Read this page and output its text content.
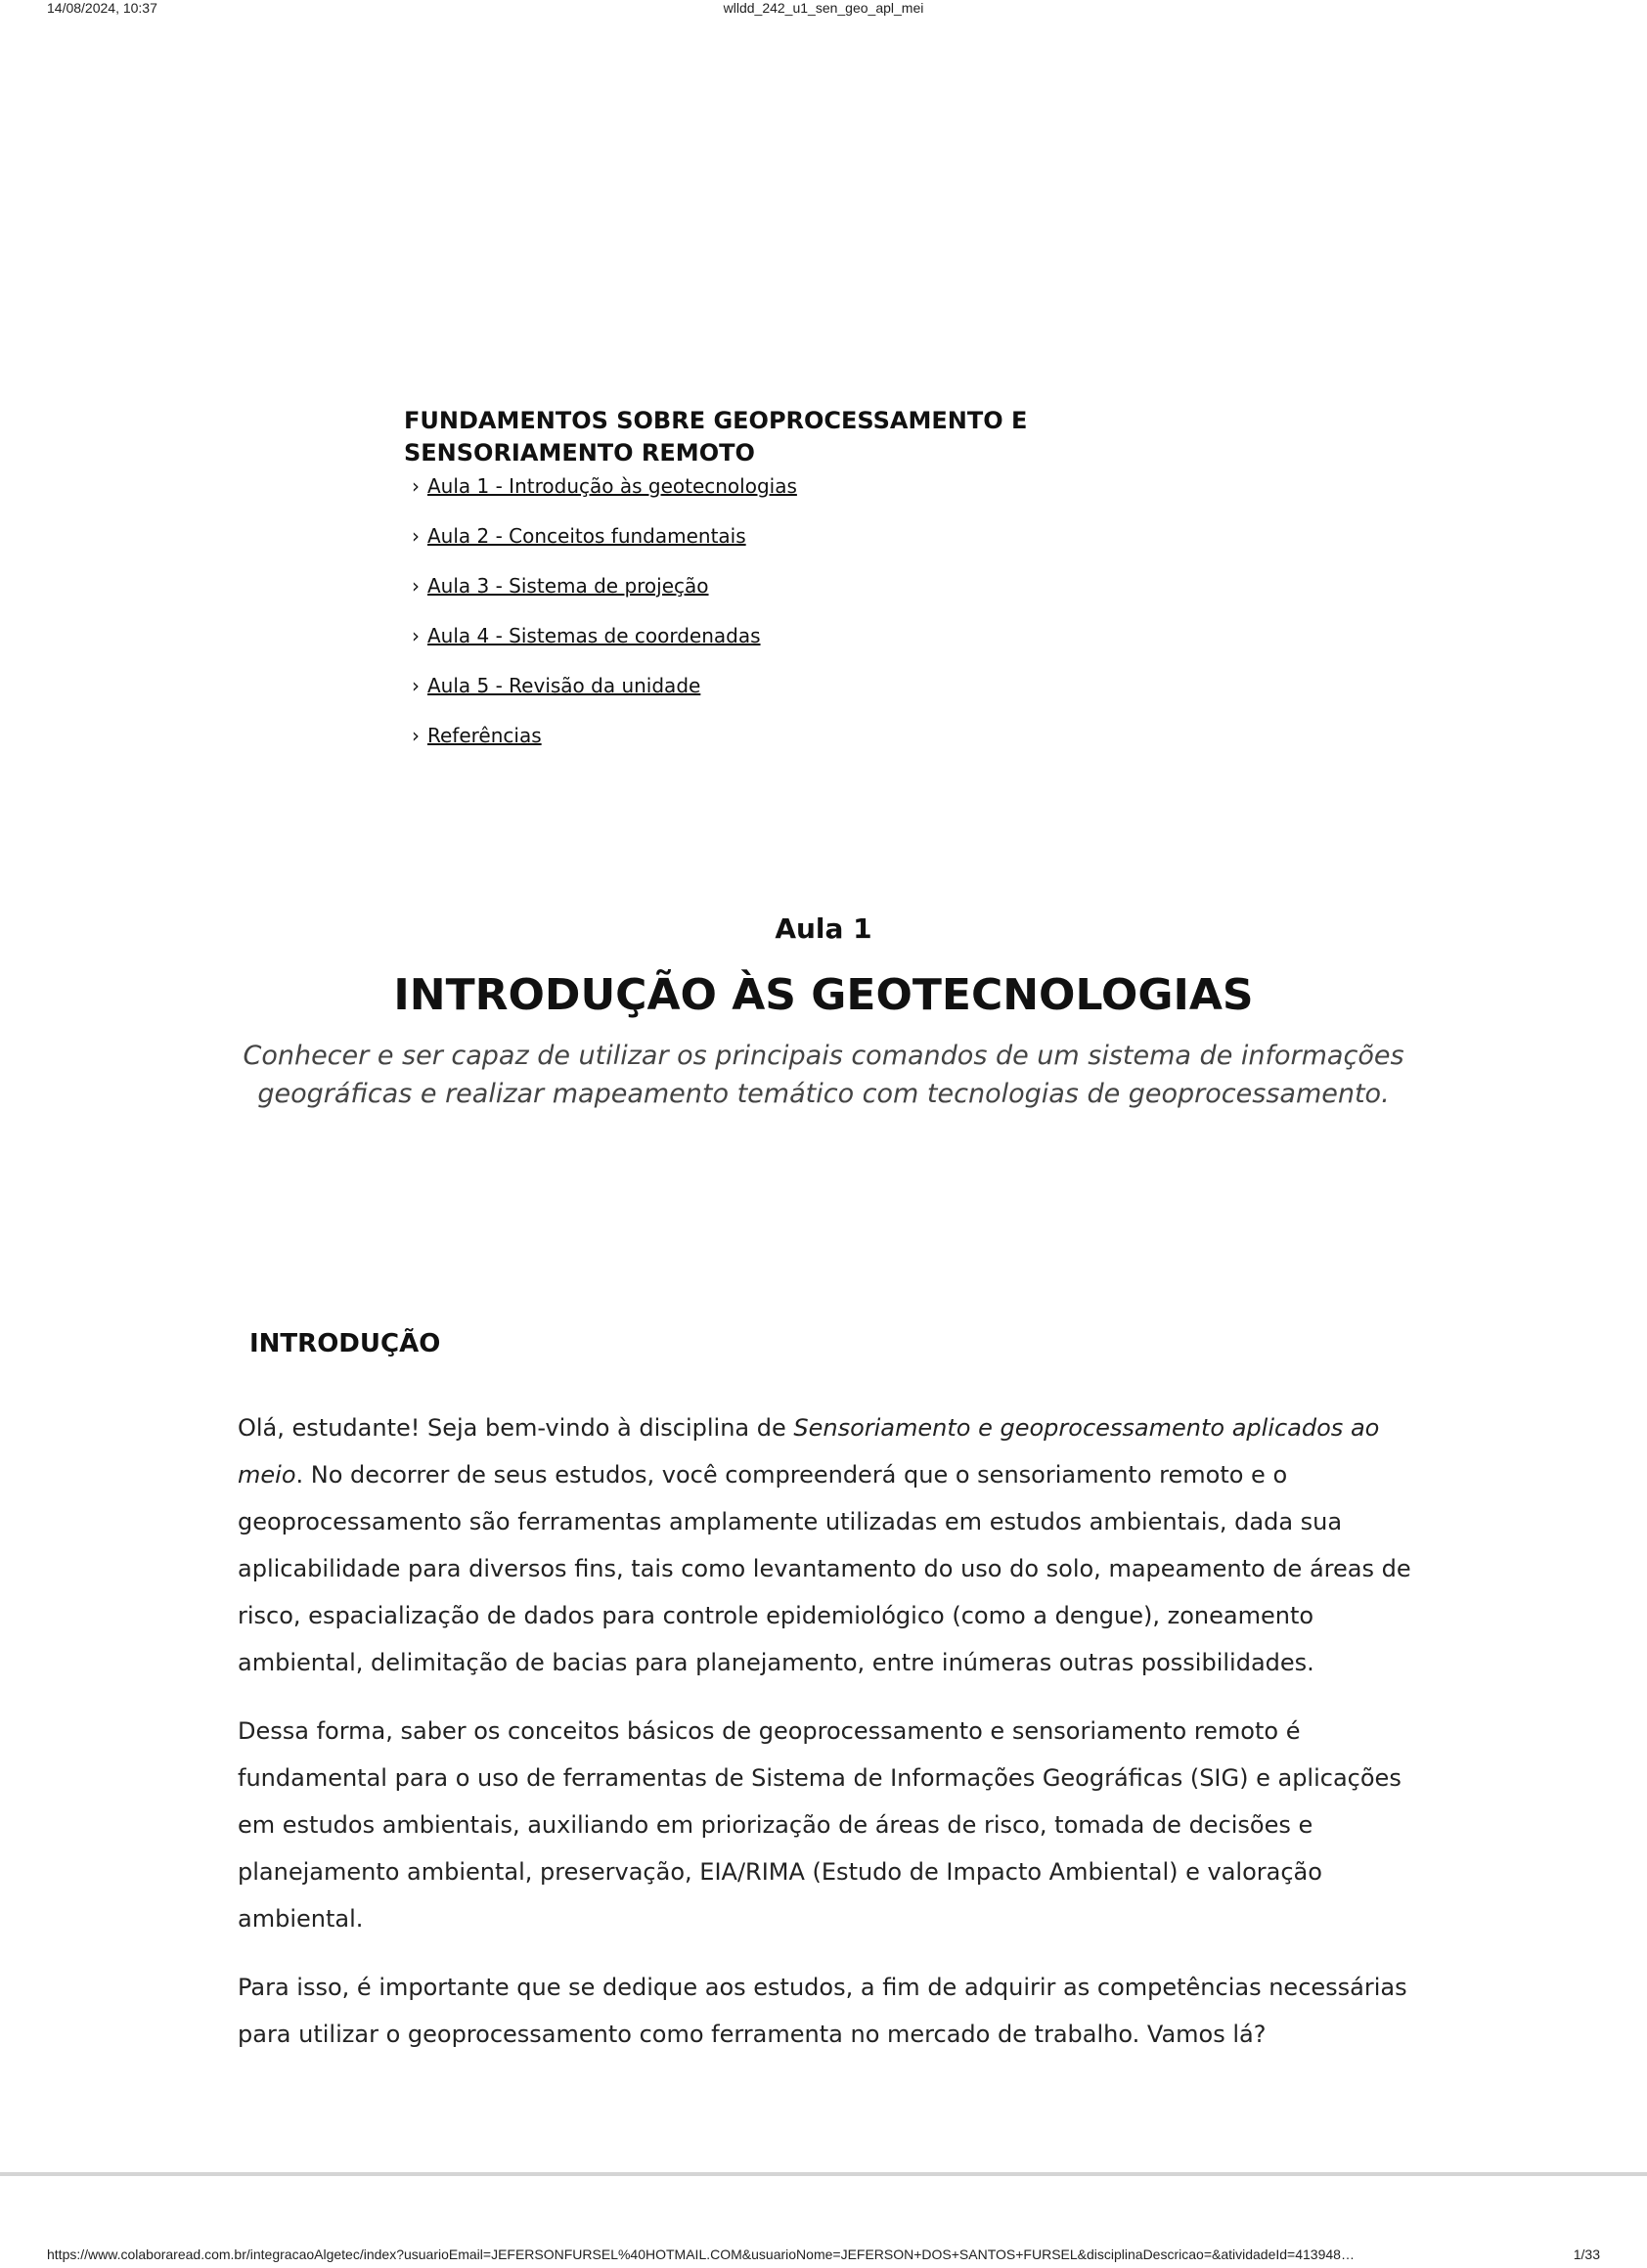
14/08/2024, 10:37	wlldd_242_u1_sen_geo_apl_mei
FUNDAMENTOS SOBRE GEOPROCESSAMENTO E SENSORIAMENTO REMOTO
› Aula 1 - Introdução às geotecnologias
› Aula 2 - Conceitos fundamentais
› Aula 3 - Sistema de projeção
› Aula 4 - Sistemas de coordenadas
› Aula 5 - Revisão da unidade
› Referências
Aula 1
INTRODUÇÃO ÀS GEOTECNOLOGIAS
Conhecer e ser capaz de utilizar os principais comandos de um sistema de informações geográficas e realizar mapeamento temático com tecnologias de geoprocessamento.
INTRODUÇÃO

Olá, estudante! Seja bem-vindo à disciplina de Sensoriamento e geoprocessamento aplicados ao meio. No decorrer de seus estudos, você compreenderá que o sensoriamento remoto e o geoprocessamento são ferramentas amplamente utilizadas em estudos ambientais, dada sua aplicabilidade para diversos fins, tais como levantamento do uso do solo, mapeamento de áreas de risco, espacialização de dados para controle epidemiológico (como a dengue), zoneamento ambiental, delimitação de bacias para planejamento, entre inúmeras outras possibilidades.

Dessa forma, saber os conceitos básicos de geoprocessamento e sensoriamento remoto é fundamental para o uso de ferramentas de Sistema de Informações Geográficas (SIG) e aplicações em estudos ambientais, auxiliando em priorização de áreas de risco, tomada de decisões e planejamento ambiental, preservação, EIA/RIMA (Estudo de Impacto Ambiental) e valoração ambiental.

Para isso, é importante que se dedique aos estudos, a fim de adquirir as competências necessárias para utilizar o geoprocessamento como ferramenta no mercado de trabalho. Vamos lá?

https://www.colaboraread.com.br/integracaoAlgetec/index?usuarioEmail=JEFERSONFURSEL%40HOTMAIL.COM&usuarioNome=JEFERSON+DOS+SANTOS+FURSEL&disciplinaDescricao=&atividadeId=413948…	1/33
